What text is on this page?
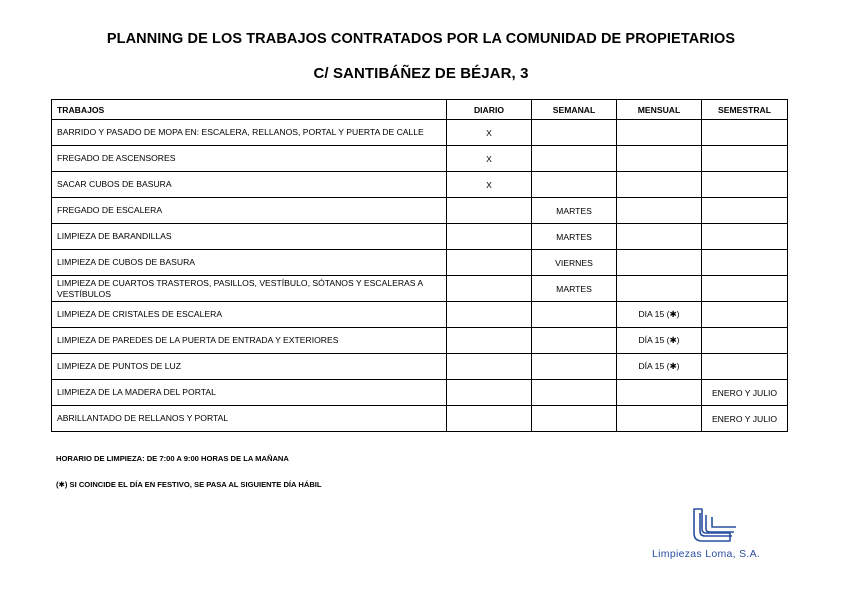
PLANNING DE LOS TRABAJOS CONTRATADOS POR LA COMUNIDAD DE PROPIETARIOS
C/ SANTIBÁÑEZ DE BÉJAR, 3
TRABAJOS	DIARIO	SEMANAL	MENSUAL	SEMESTRAL
BARRIDO Y PASADO DE MOPA EN: ESCALERA, RELLANOS, PORTAL Y PUERTA DE CALLE	X			
FREGADO DE ASCENSORES	X			
SACAR CUBOS DE BASURA	X			
FREGADO DE ESCALERA		MARTES		
LIMPIEZA DE BARANDILLAS		MARTES		
LIMPIEZA DE CUBOS DE BASURA		VIERNES		
LIMPIEZA DE CUARTOS TRASTEROS, PASILLOS, VESTÍBULO, SÓTANOS Y ESCALERAS A VESTÍBULOS		MARTES		
LIMPIEZA DE CRISTALES DE ESCALERA			DIA 15 (✱)	
LIMPIEZA DE PAREDES DE LA PUERTA DE ENTRADA Y EXTERIORES			DÍA 15 (✱)	
LIMPIEZA DE PUNTOS DE LUZ			DÍA 15 (✱)	
LIMPIEZA DE LA MADERA DEL PORTAL				ENERO Y JULIO
ABRILLANTADO DE RELLANOS Y PORTAL				ENERO Y JULIO
HORARIO DE LIMPIEZA: DE 7:00 A 9:00 HORAS DE LA MAÑANA
(✱) SI COINCIDE EL DÍA EN FESTIVO, SE PASA AL SIGUIENTE DÍA HÁBIL
Limpiezas Loma, S.A.
